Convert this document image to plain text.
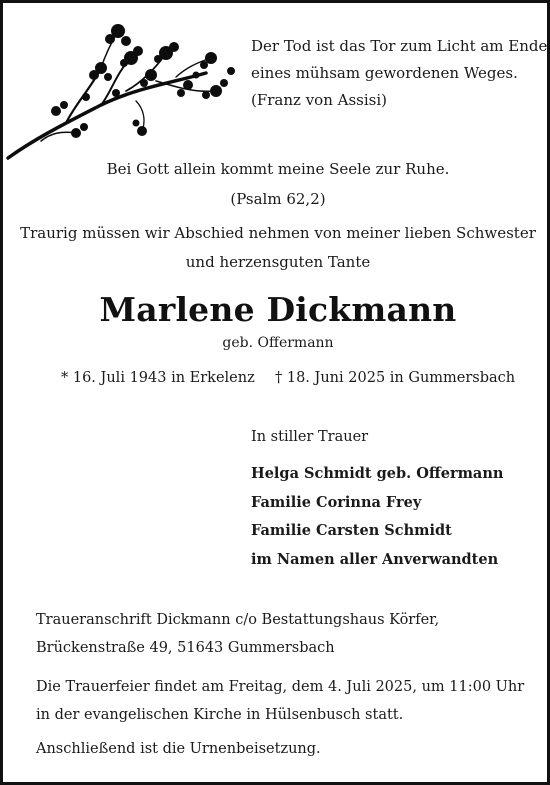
Der Tod ist das Tor zum Licht am Ende
eines mühsam gewordenen Weges.
(Franz von Assisi)
Bei Gott allein kommt meine Seele zur Ruhe.
(Psalm 62,2)
Traurig müssen wir Abschied nehmen von meiner lieben Schwester
und herzensguten Tante
Marlene Dickmann
geb. Offermann
* 16. Juli 1943 in Erkelenz † 18. Juni 2025 in Gummersbach
In stiller Trauer
Helga Schmidt geb. Offermann
Familie Corinna Frey
Familie Carsten Schmidt
im Namen aller Anverwandten
Traueranschrift Dickmann c/o Bestattungshaus Körfer,
Brückenstraße 49, 51643 Gummersbach
Die Trauerfeier findet am Freitag, dem 4. Juli 2025, um 11:00 Uhr
in der evangelischen Kirche in Hülsenbusch statt.
Anschließend ist die Urnenbeisetzung.
